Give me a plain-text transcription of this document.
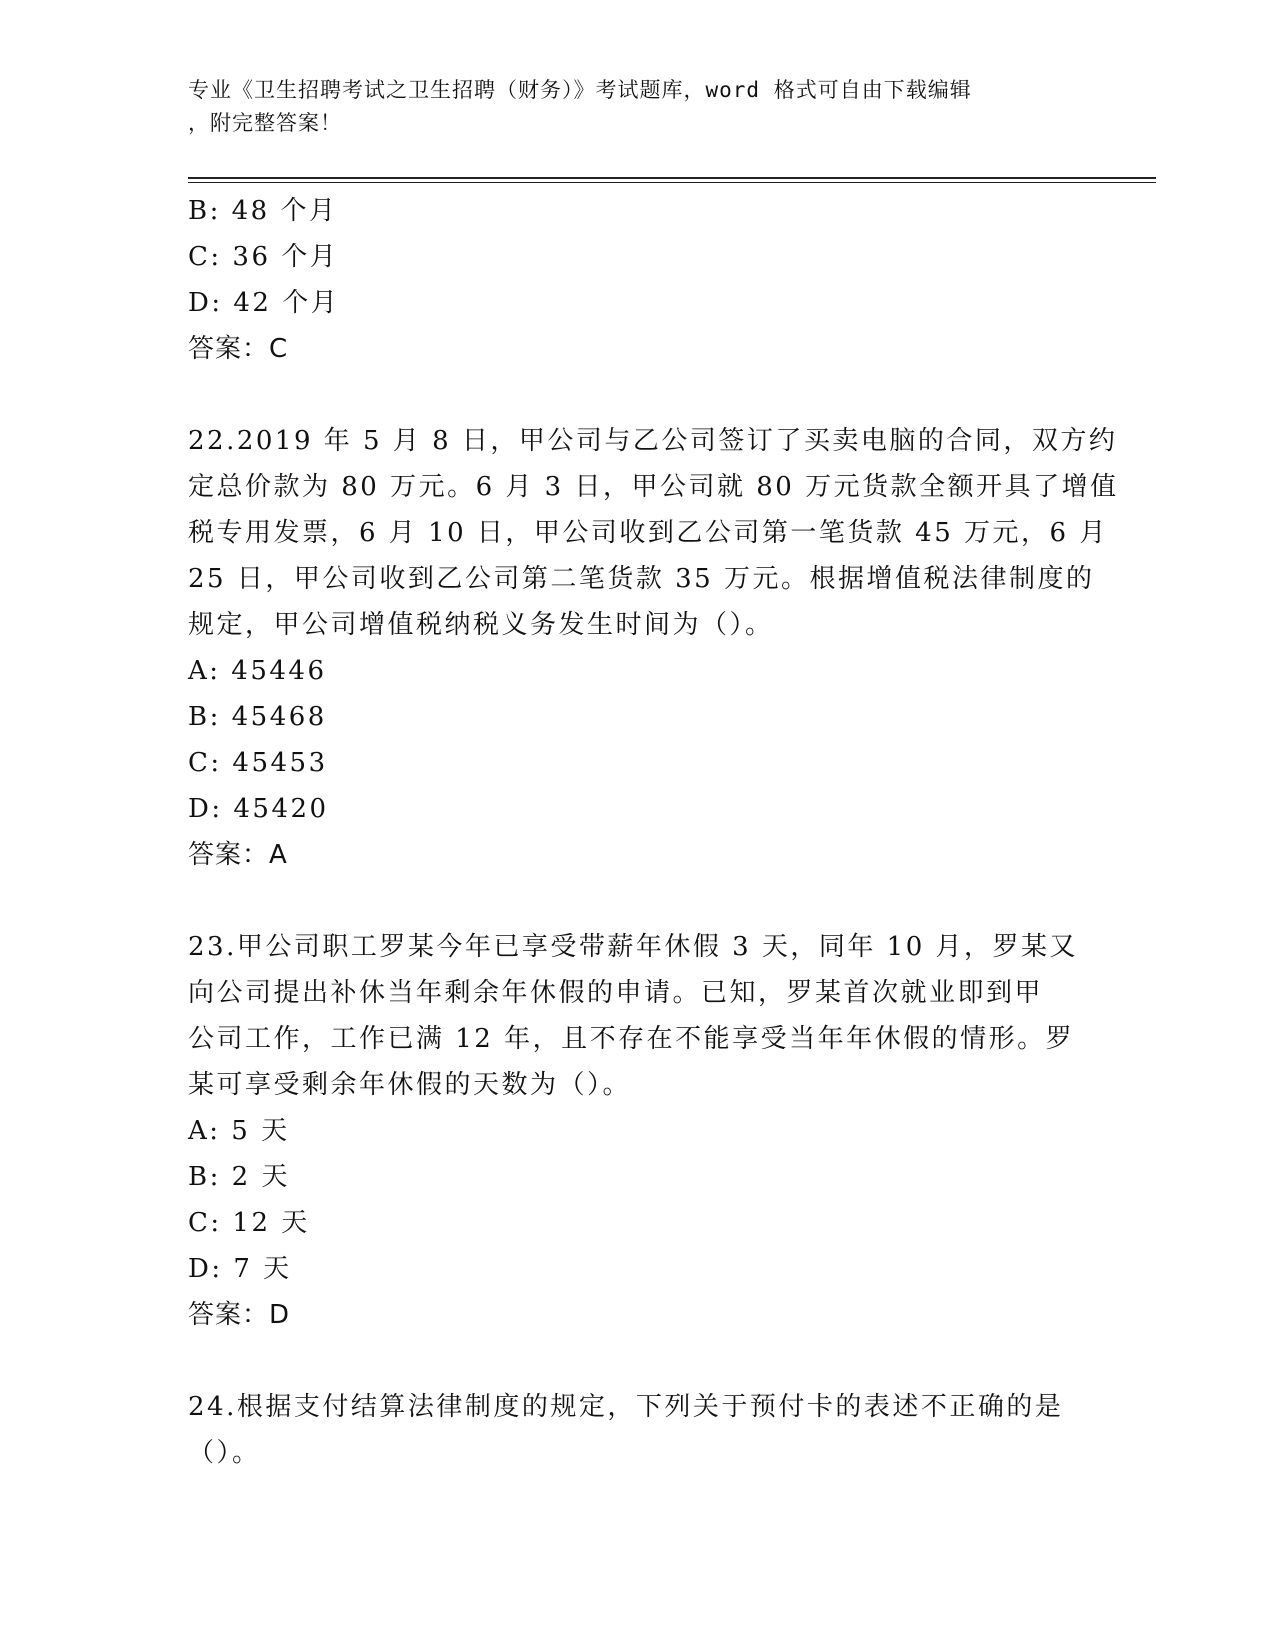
专业《卫生招聘考试之卫生招聘（财务）》考试题库，word 格式可自由下载编辑
，附完整答案！
B: 48 个月
C: 36 个月
D: 42 个月
答案：C
22.2019 年 5 月 8 日，甲公司与乙公司签订了买卖电脑的合同，双方约
定总价款为 80 万元。6 月 3 日，甲公司就 80 万元货款全额开具了增值
税专用发票，6 月 10 日，甲公司收到乙公司第一笔货款 45 万元，6 月
25 日，甲公司收到乙公司第二笔货款 35 万元。根据增值税法律制度的
规定，甲公司增值税纳税义务发生时间为（）。
A: 45446
B: 45468
C: 45453
D: 45420
答案：A
23.甲公司职工罗某今年已享受带薪年休假 3 天，同年 10 月，罗某又
向公司提出补休当年剩余年休假的申请。已知，罗某首次就业即到甲
公司工作，工作已满 12 年，且不存在不能享受当年年休假的情形。罗
某可享受剩余年休假的天数为（）。
A: 5 天
B: 2 天
C: 12 天
D: 7 天
答案：D
24.根据支付结算法律制度的规定，下列关于预付卡的表述不正确的是
（）。
